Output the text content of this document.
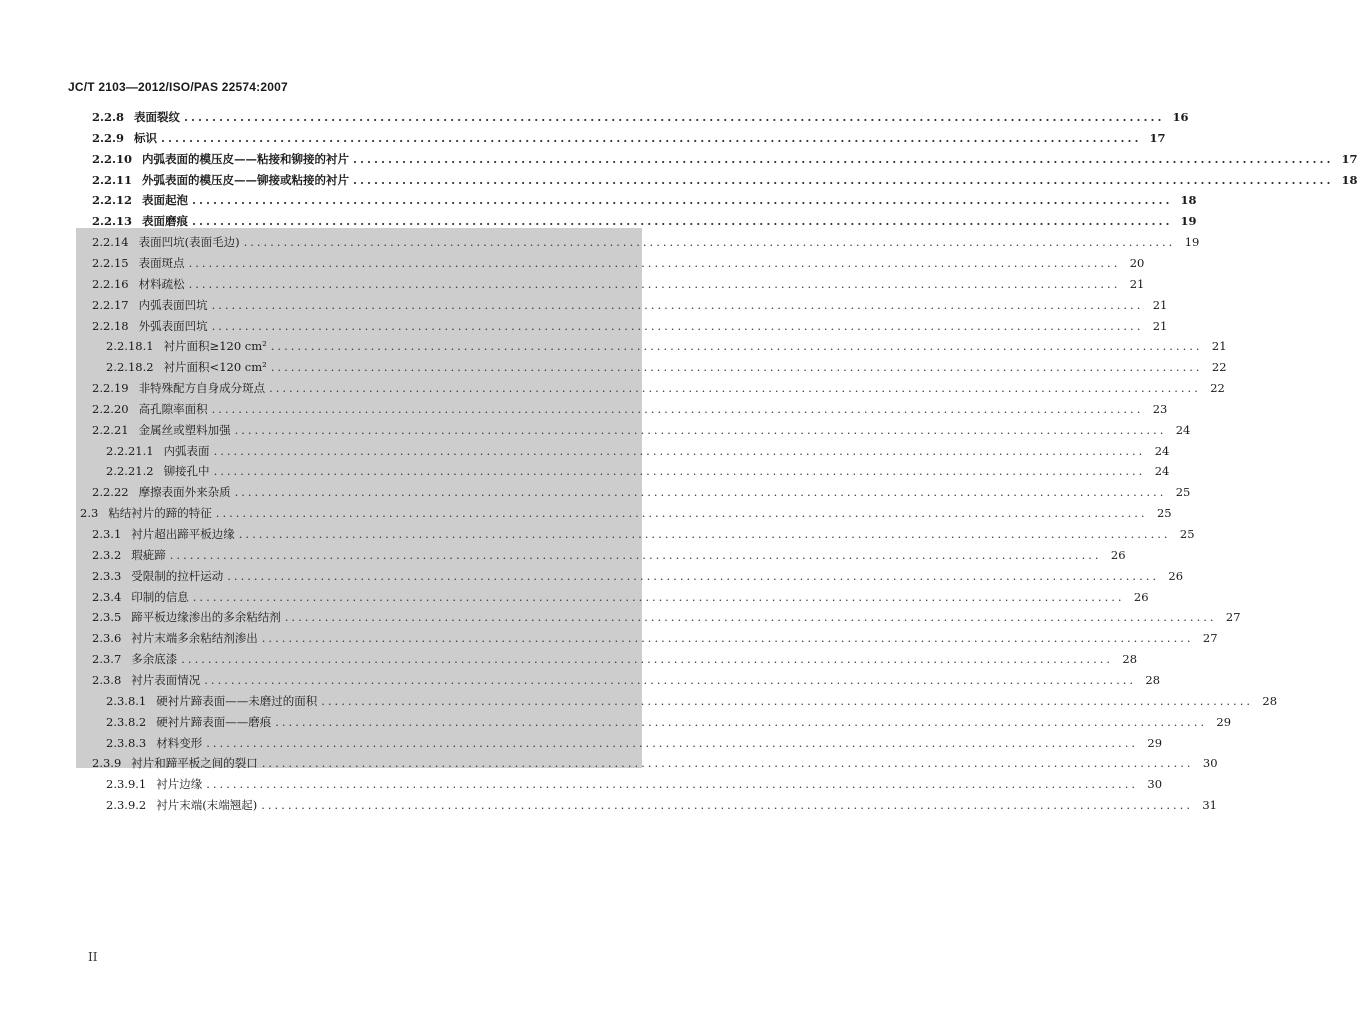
JC/T 2103—2012/ISO/PAS 22574:2007
2.2.8 表面裂纹 ............................................................................................................................................ 16
2.2.9 标识 ............................................................................................................................................ 17
2.2.10 内弧表面的模压皮——粘接和铆接的衬片 ............................................................................................................................................ 17
2.2.11 外弧表面的模压皮——铆接或粘接的衬片 ............................................................................................................................................ 18
2.2.12 表面起泡 ............................................................................................................................................ 18
2.2.13 表面磨痕 ............................................................................................................................................ 19
2.2.14 表面凹坑(表面毛边) ............................................................................................................................................ 19
2.2.15 表面斑点 ............................................................................................................................................ 20
2.2.16 材料疏松 ............................................................................................................................................ 21
2.2.17 内弧表面凹坑 ............................................................................................................................................ 21
2.2.18 外弧表面凹坑 ............................................................................................................................................ 21
2.2.18.1 衬片面积≥120 cm² ............................................................................................................................................ 21
2.2.18.2 衬片面积<120 cm² ............................................................................................................................................ 22
2.2.19 非特殊配方自身成分斑点 ............................................................................................................................................ 22
2.2.20 高孔隙率面积 ............................................................................................................................................ 23
2.2.21 金属丝或塑料加强 ............................................................................................................................................ 24
2.2.21.1 内弧表面 ............................................................................................................................................ 24
2.2.21.2 铆接孔中 ............................................................................................................................................ 24
2.2.22 摩擦表面外来杂质 ............................................................................................................................................ 25
2.3 粘结衬片的蹄的特征 ............................................................................................................................................ 25
2.3.1 衬片超出蹄平板边缘 ............................................................................................................................................ 25
2.3.2 瑕疵蹄 ............................................................................................................................................ 26
2.3.3 受限制的拉杆运动 ............................................................................................................................................ 26
2.3.4 印制的信息 ............................................................................................................................................ 26
2.3.5 蹄平板边缘渗出的多余粘结剂 ............................................................................................................................................ 27
2.3.6 衬片末端多余粘结剂渗出 ............................................................................................................................................ 27
2.3.7 多余底漆 ............................................................................................................................................ 28
2.3.8 衬片表面情况 ............................................................................................................................................ 28
2.3.8.1 硬衬片蹄表面——未磨过的面积 ............................................................................................................................................ 28
2.3.8.2 硬衬片蹄表面——磨痕 ............................................................................................................................................ 29
2.3.8.3 材料变形 ............................................................................................................................................ 29
2.3.9 衬片和蹄平板之间的裂口 ............................................................................................................................................ 30
2.3.9.1 衬片边缘 ............................................................................................................................................ 30
2.3.9.2 衬片末端(末端翘起) ............................................................................................................................................ 31
II
